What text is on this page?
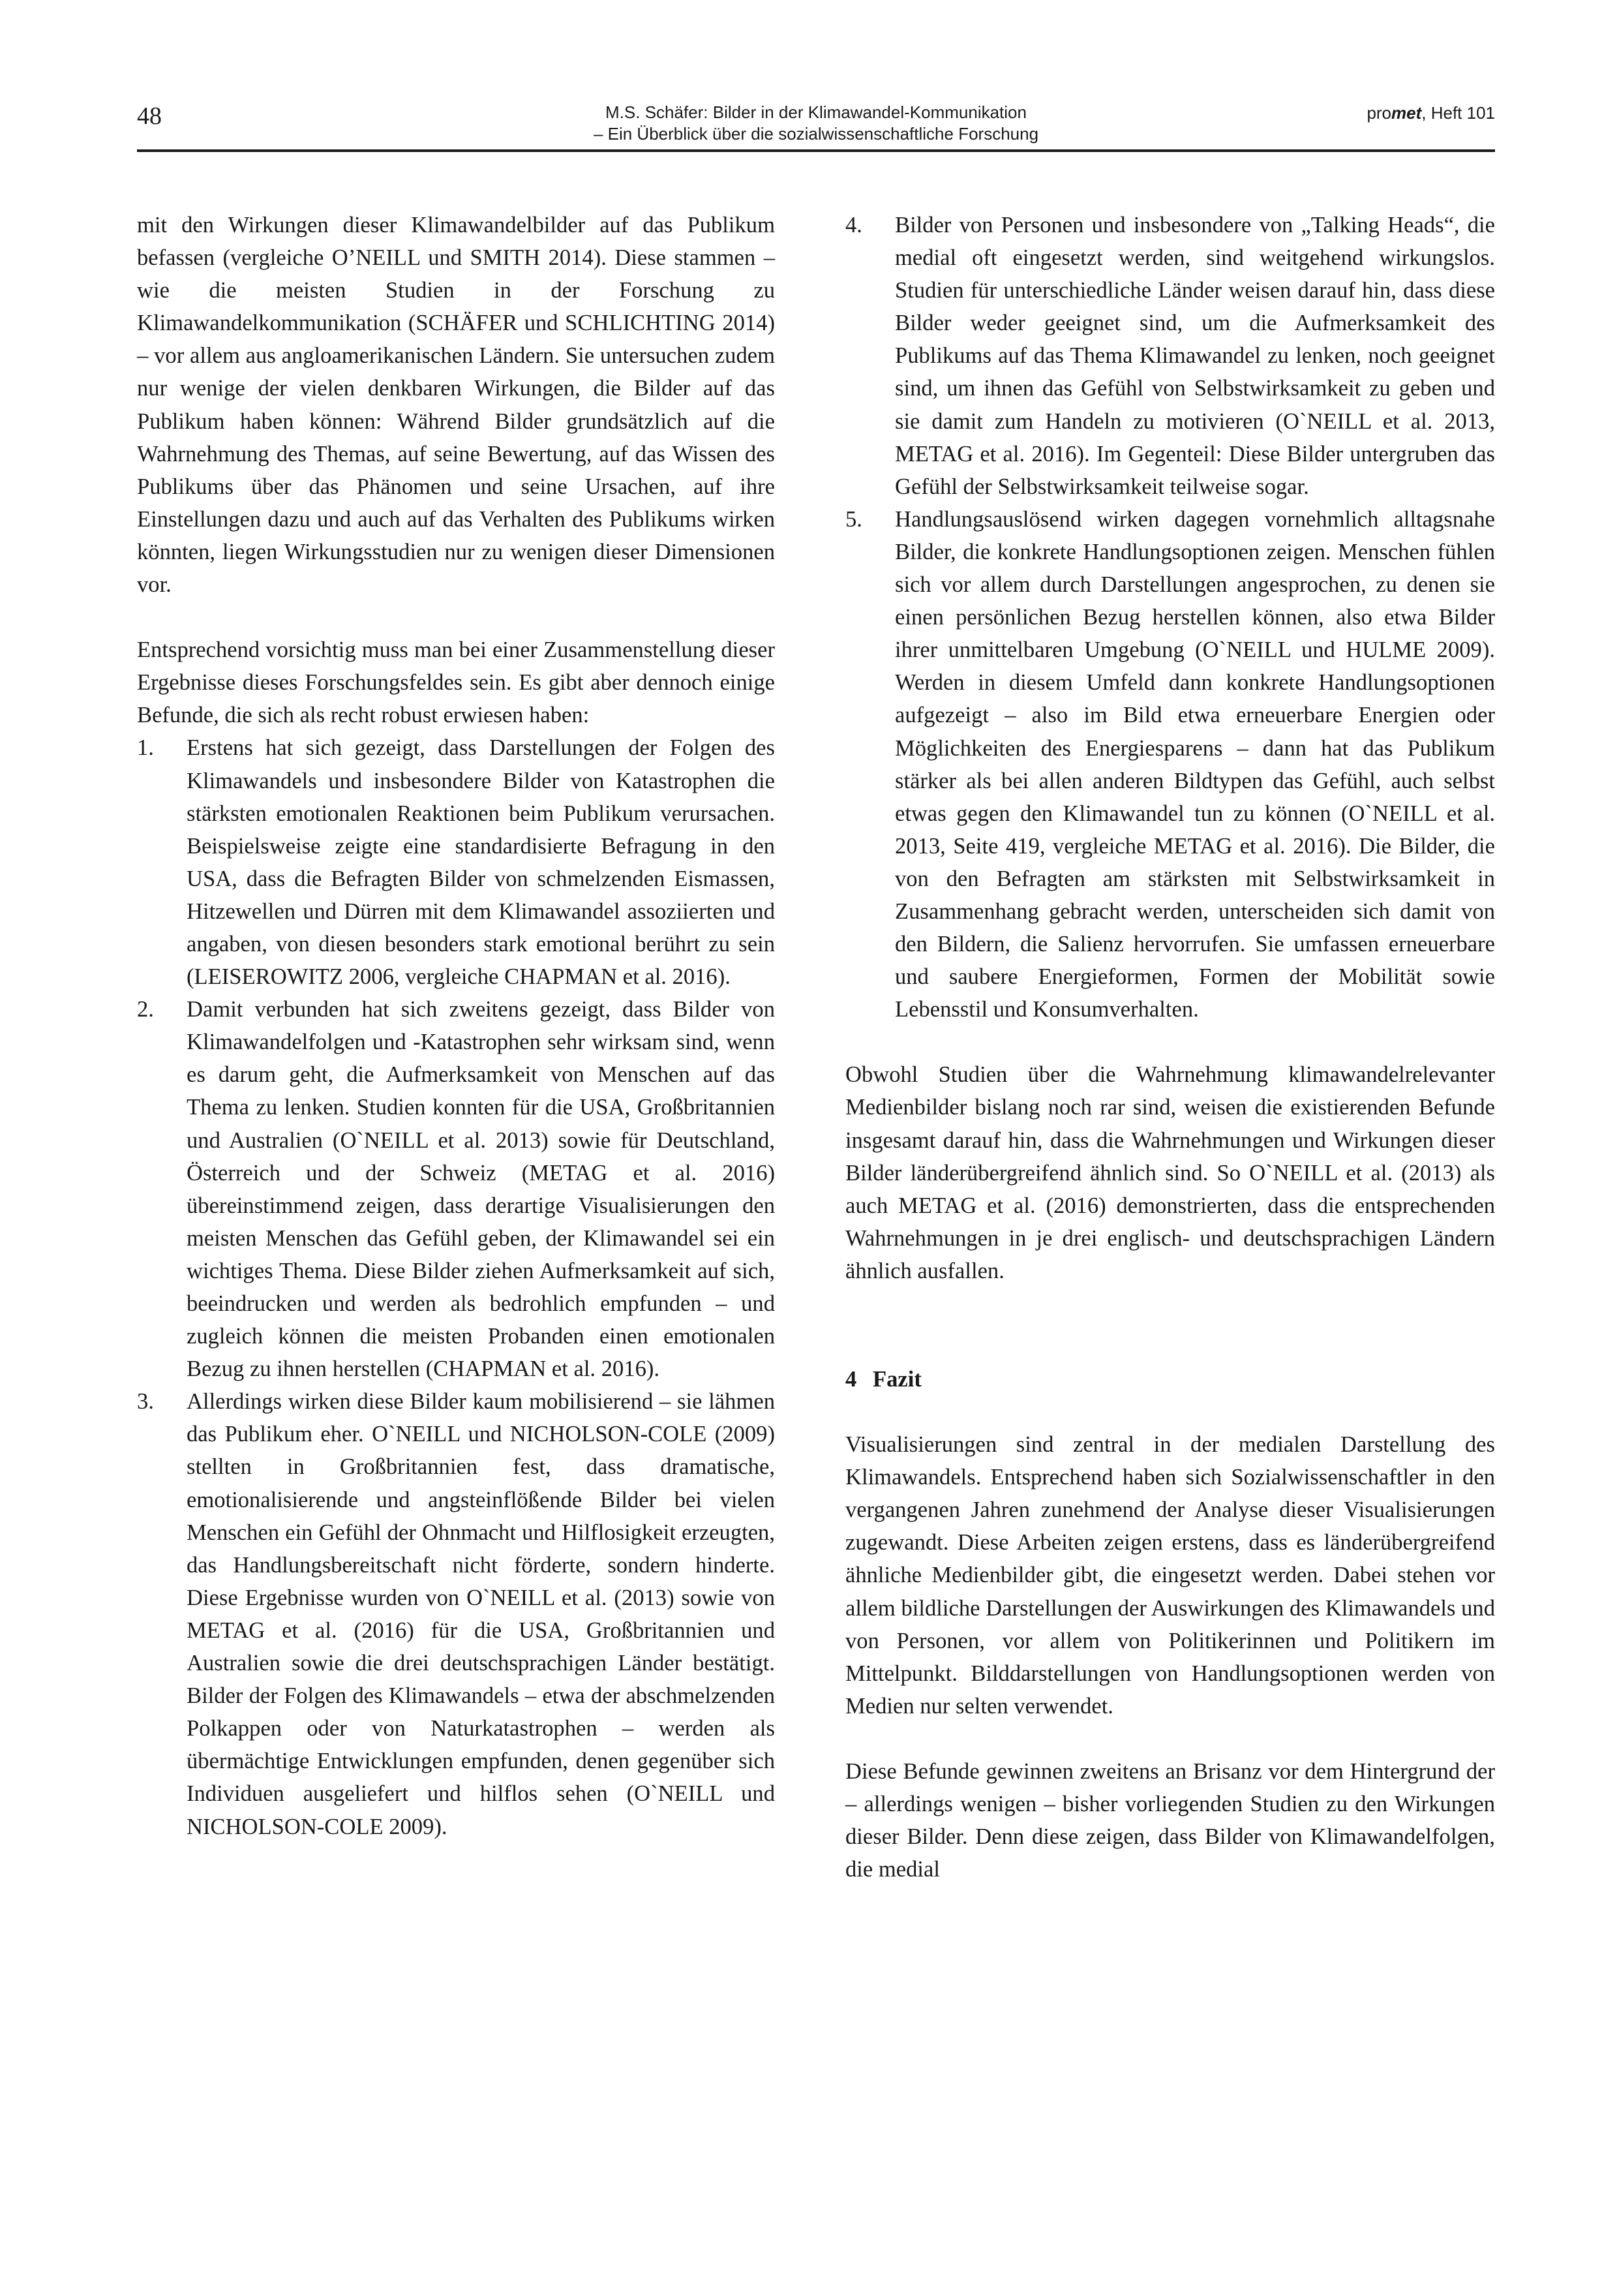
48	M.S. Schäfer: Bilder in der Klimawandel-Kommunikation
– Ein Überblick über die sozialwissenschaftliche Forschung
promet, Heft 101

mit den Wirkungen dieser Klimawandelbilder auf das Publikum befassen (vergleiche O’NEILL und SMITH 2014). Diese stammen – wie die meisten Studien in der Forschung zu Klimawandelkommunikation (SCHÄFER und SCHLICHTING 2014) – vor allem aus angloamerikanischen Ländern. Sie untersuchen zudem nur wenige der vielen denkbaren Wirkungen, die Bilder auf das Publikum haben können: Während Bilder grundsätzlich auf die Wahrnehmung des Themas, auf seine Bewertung, auf das Wissen des Publikums über das Phänomen und seine Ursachen, auf ihre Einstellungen dazu und auch auf das Verhalten des Publikums wirken könnten, liegen Wirkungsstudien nur zu wenigen dieser Dimensionen vor.

Entsprechend vorsichtig muss man bei einer Zusammenstellung dieser Ergebnisse dieses Forschungsfeldes sein. Es gibt aber dennoch einige Befunde, die sich als recht robust erwiesen haben:

1. Erstens hat sich gezeigt, dass Darstellungen der Folgen des Klimawandels und insbesondere Bilder von Katastrophen die stärksten emotionalen Reaktionen beim Publikum verursachen. Beispielsweise zeigte eine standardisierte Befragung in den USA, dass die Befragten Bilder von schmelzenden Eismassen, Hitzewellen und Dürren mit dem Klimawandel assoziierten und angaben, von diesen besonders stark emotional berührt zu sein (LEISEROWITZ 2006, vergleiche CHAPMAN et al. 2016).
2. Damit verbunden hat sich zweitens gezeigt, dass Bilder von Klimawandelfolgen und -Katastrophen sehr wirksam sind, wenn es darum geht, die Aufmerksamkeit von Menschen auf das Thema zu lenken. Studien konnten für die USA, Großbritannien und Australien (O`NEILL et al. 2013) sowie für Deutschland, Österreich und der Schweiz (METAG et al. 2016) übereinstimmend zeigen, dass derartige Visualisierungen den meisten Menschen das Gefühl geben, der Klimawandel sei ein wichtiges Thema. Diese Bilder ziehen Aufmerksamkeit auf sich, beeindrucken und werden als bedrohlich empfunden – und zugleich können die meisten Probanden einen emotionalen Bezug zu ihnen herstellen (CHAPMAN et al. 2016).
3. Allerdings wirken diese Bilder kaum mobilisierend – sie lähmen das Publikum eher. O`NEILL und NICHOLSON-COLE (2009) stellten in Großbritannien fest, dass dramatische, emotionalisierende und angsteinflößende Bilder bei vielen Menschen ein Gefühl der Ohnmacht und Hilflosigkeit erzeugten, das Handlungsbereitschaft nicht förderte, sondern hinderte. Diese Ergebnisse wurden von O`NEILL et al. (2013) sowie von METAG et al. (2016) für die USA, Großbritannien und Australien sowie die drei deutschsprachigen Länder bestätigt. Bilder der Folgen des Klimawandels – etwa der abschmelzenden Polkappen oder von Naturkatastrophen – werden als übermächtige Entwicklungen empfunden, denen gegenüber sich Individuen ausgeliefert und hilflos sehen (O`NEILL und NICHOLSON-COLE 2009).
4. Bilder von Personen und insbesondere von „Talking Heads“, die medial oft eingesetzt werden, sind weitgehend wirkungslos. Studien für unterschiedliche Länder weisen darauf hin, dass diese Bilder weder geeignet sind, um die Aufmerksamkeit des Publikums auf das Thema Klimawandel zu lenken, noch geeignet sind, um ihnen das Gefühl von Selbstwirksamkeit zu geben und sie damit zum Handeln zu motivieren (O`NEILL et al. 2013, METAG et al. 2016). Im Gegenteil: Diese Bilder untergruben das Gefühl der Selbstwirksamkeit teilweise sogar.
5. Handlungsauslösend wirken dagegen vornehmlich alltagsnahe Bilder, die konkrete Handlungsoptionen zeigen. Menschen fühlen sich vor allem durch Darstellungen angesprochen, zu denen sie einen persönlichen Bezug herstellen können, also etwa Bilder ihrer unmittelbaren Umgebung (O`NEILL und HULME 2009). Werden in diesem Umfeld dann konkrete Handlungsoptionen aufgezeigt – also im Bild etwa erneuerbare Energien oder Möglichkeiten des Energiesparens – dann hat das Publikum stärker als bei allen anderen Bildtypen das Gefühl, auch selbst etwas gegen den Klimawandel tun zu können (O`NEILL et al. 2013, Seite 419, vergleiche METAG et al. 2016). Die Bilder, die von den Befragten am stärksten mit Selbstwirksamkeit in Zusammenhang gebracht werden, unterscheiden sich damit von den Bildern, die Salienz hervorrufen. Sie umfassen erneuerbare und saubere Energieformen, Formen der Mobilität sowie Lebensstil und Konsumverhalten.

Obwohl Studien über die Wahrnehmung klimawandelrelevanter Medienbilder bislang noch rar sind, weisen die existierenden Befunde insgesamt darauf hin, dass die Wahrnehmungen und Wirkungen dieser Bilder länderübergreifend ähnlich sind. So O`NEILL et al. (2013) als auch METAG et al. (2016) demonstrierten, dass die entsprechenden Wahrnehmungen in je drei englisch- und deutschsprachigen Ländern ähnlich ausfallen.

4 Fazit

Visualisierungen sind zentral in der medialen Darstellung des Klimawandels. Entsprechend haben sich Sozialwissenschaftler in den vergangenen Jahren zunehmend der Analyse dieser Visualisierungen zugewandt. Diese Arbeiten zeigen erstens, dass es länderübergreifend ähnliche Medienbilder gibt, die eingesetzt werden. Dabei stehen vor allem bildliche Darstellungen der Auswirkungen des Klimawandels und von Personen, vor allem von Politikerinnen und Politikern im Mittelpunkt. Bilddarstellungen von Handlungsoptionen werden von Medien nur selten verwendet.

Diese Befunde gewinnen zweitens an Brisanz vor dem Hintergrund der – allerdings wenigen – bisher vorliegenden Studien zu den Wirkungen dieser Bilder. Denn diese zeigen, dass Bilder von Klimawandelfolgen, die medial
